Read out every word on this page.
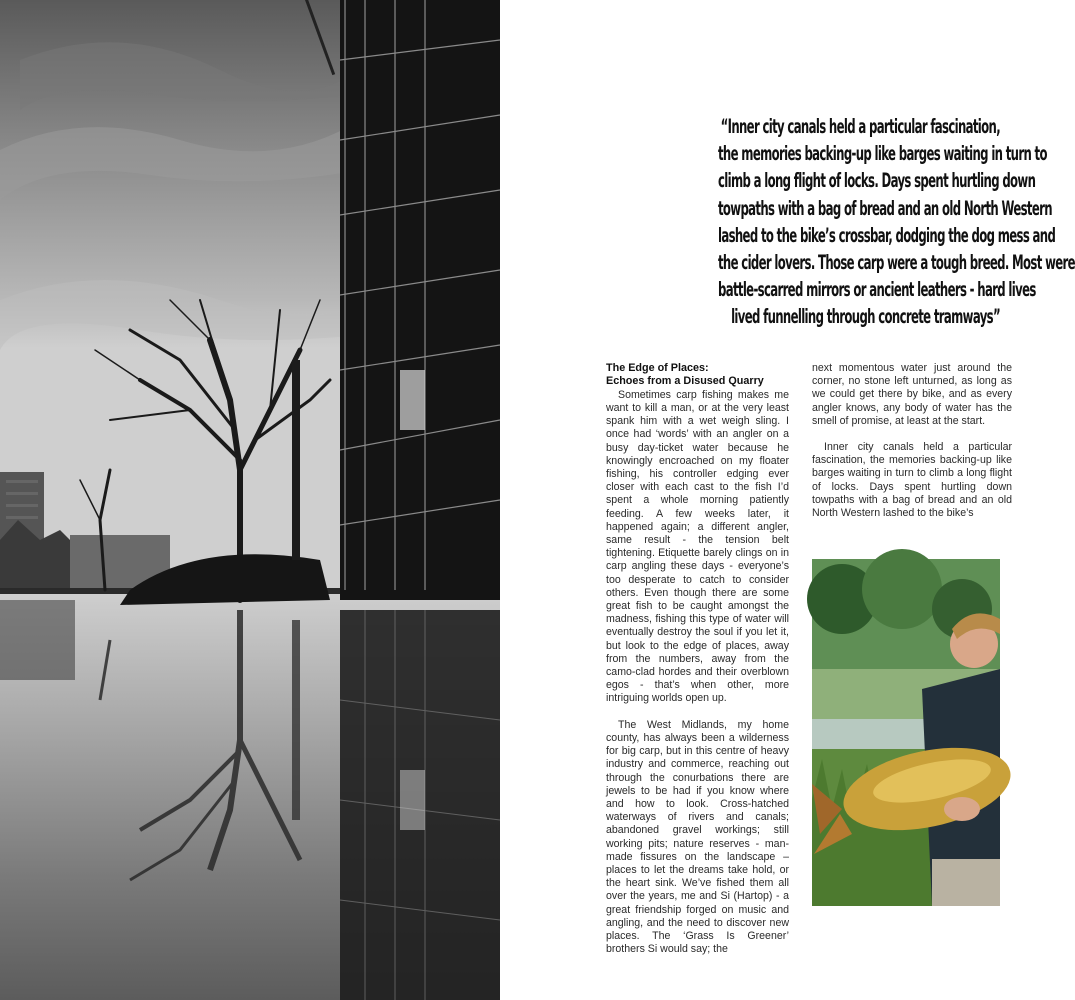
“Inner city canals held a particular fascination,

the memories backing-up like barges waiting in turn to

climb a long flight of locks. Days spent hurtling down

towpaths with a bag of bread and an old North Western

lashed to the bike’s crossbar, dodging the dog mess and

the cider lovers. Those carp were a tough breed. Most were

battle-scarred mirrors or ancient leathers - hard lives

lived funnelling through concrete tramways”

The Edge of Places:

Echoes from a Disused Quarry

Sometimes carp fishing makes me want to kill a man, or at the very least spank him with a wet weigh sling. I once had ‘words’ with an angler on a busy day-ticket water because he knowingly encroached on my floater fishing, his controller edging ever closer with each cast to the fish I’d spent a whole morning patiently feeding. A few weeks later, it happened again; a different angler, same result - the tension belt tightening. Etiquette barely clings on in carp angling these days - everyone’s too desperate to catch to consider others. Even though there are some great fish to be caught amongst the madness, fishing this type of water will eventually destroy the soul if you let it, but look to the edge of places, away from the numbers, away from the camo-clad hordes and their overblown egos - that’s when other, more intriguing worlds open up.

The West Midlands, my home county, has always been a wilderness for big carp, but in this centre of heavy industry and commerce, reaching out through the conurbations there are jewels to be had if you know where and how to look. Cross-hatched waterways of rivers and canals; abandoned gravel workings; still working pits; nature reserves - man-made fissures on the landscape – places to let the dreams take hold, or the heart sink. We’ve fished them all over the years, me and Si (Hartop) - a great friendship forged on music and angling, and the need to discover new places. The ‘Grass Is Greener’ brothers Si would say; the

next momentous water just around the corner, no stone left unturned, as long as we could get there by bike, and as every angler knows, any body of water has the smell of promise, at least at the start.

Inner city canals held a particular fascination, the memories backing-up like barges waiting in turn to climb a long flight of locks. Days spent hurtling down towpaths with a bag of bread and an old North Western lashed to the bike’s
